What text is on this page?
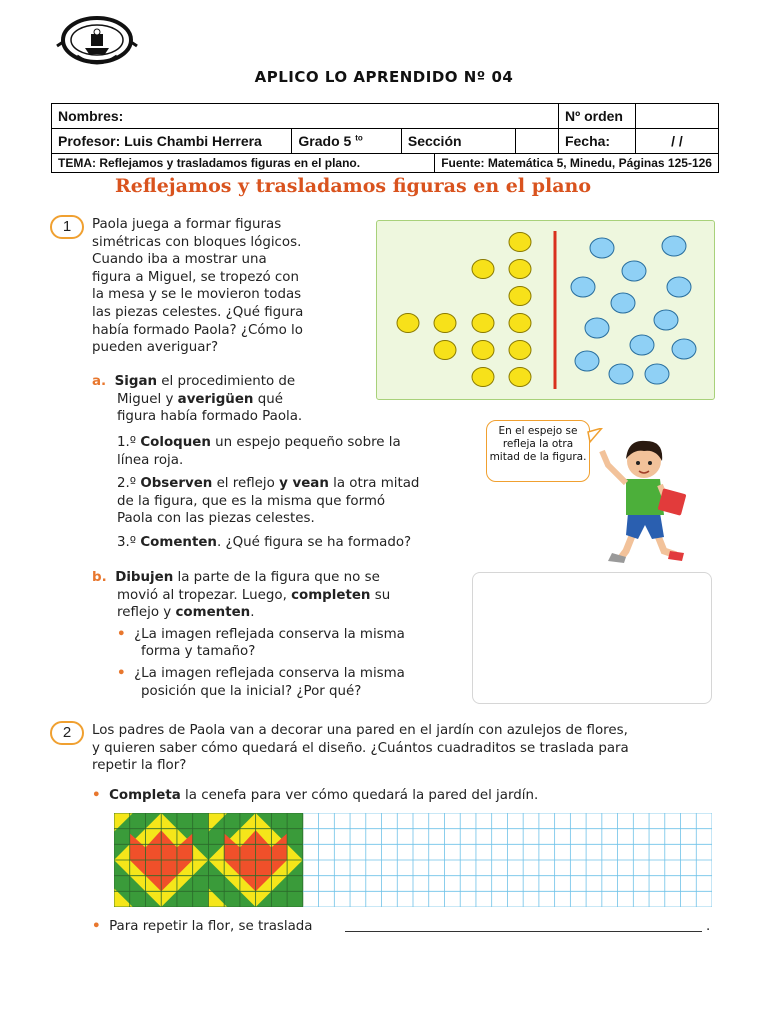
APLICO LO APRENDIDO Nº 04
Nombres:					Nº orden	
Profesor: Luis Chambi Herrera	Grado 5 $^{to}$	Sección			Fecha:	/ /
TEMA: Reflejamos y trasladamos figuras en el plano.			Fuente: Matemática 5, Minedu, Páginas 125-126			
Reflejamos y trasladamos figuras en el plano
1	Paola juega a formar figuras
simétricas con bloques lógicos.
Cuando iba a mostrar una
figura a Miguel, se tropezó con
la mesa y se le movieron todas
las piezas celestes. ¿Qué figura
había formado Paola? ¿Cómo lo
pueden averiguar?
a. Sigan el procedimiento de
Miguel y averigüen qué
figura había formado Paola.
1.º Coloquen un espejo pequeño sobre la
línea roja.
2.º Observen el reflejo y vean la otra mitad
de la figura, que es la misma que formó
Paola con las piezas celestes.
3.º Comenten. ¿Qué figura se ha formado?
En el espejo se refleja la otra mitad de la figura.
b. Dibujen la parte de la figura que no se
movió al tropezar. Luego, completen su
reflejo y comenten.
• ¿La imagen reflejada conserva la misma
forma y tamaño?
• ¿La imagen reflejada conserva la misma
posición que la inicial? ¿Por qué?
2	Los padres de Paola van a decorar una pared en el jardín con azulejos de flores,
y quieren saber cómo quedará el diseño. ¿Cuántos cuadraditos se traslada para
repetir la flor?
• Completa la cenefa para ver cómo quedará la pared del jardín.
• Para repetir la flor, se traslada	.
